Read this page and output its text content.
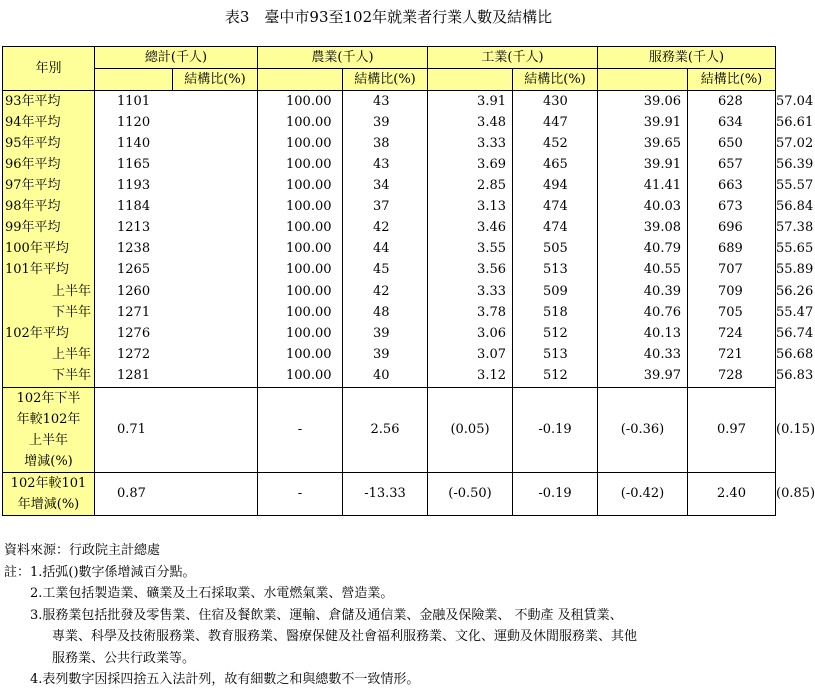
表3　臺中市93至102年就業者行業人數及結構比
年別	總計(千人)		農業(千人)		工業(千人)		服務業(千人)		
		結構比(%)		結構比(%)		結構比(%)		結構比(%)	
93年平均	1101		100.00	43	3.91	430	39.06	628	57.04
94年平均	1120		100.00	39	3.48	447	39.91	634	56.61
95年平均	1140		100.00	38	3.33	452	39.65	650	57.02
96年平均	1165		100.00	43	3.69	465	39.91	657	56.39
97年平均	1193		100.00	34	2.85	494	41.41	663	55.57
98年平均	1184		100.00	37	3.13	474	40.03	673	56.84
99年平均	1213		100.00	42	3.46	474	39.08	696	57.38
100年平均	1238		100.00	44	3.55	505	40.79	689	55.65
101年平均	1265		100.00	45	3.56	513	40.55	707	55.89
上半年	1260		100.00	42	3.33	509	40.39	709	56.26
下半年	1271		100.00	48	3.78	518	40.76	705	55.47
102年平均	1276		100.00	39	3.06	512	40.13	724	56.74
上半年	1272		100.00	39	3.07	513	40.33	721	56.68
下半年	1281		100.00	40	3.12	512	39.97	728	56.83

102年下半
年較102年
上半年
增減(%)	0.71		-	2.56	(0.05)	-0.19	(-0.36)	0.97	(0.15)

102年較101
年增減(%)	0.87		-	-13.33	(-0.50)	-0.19	(-0.42)	2.40	(0.85)
資料來源：行政院主計總處
註：1.括弧()數字係增減百分點。
2.工業包括製造業、礦業及土石採取業、水電燃氣業、營造業。
3.服務業包括批發及零售業、住宿及餐飲業、運輸、倉儲及通信業、金融及保險業、 不動產 及租賃業、
專業、科學及技術服務業、教育服務業、醫療保健及社會福利服務業、文化、運動及休閒服務業、其他
服務業、公共行政業等。
4.表列數字因採四捨五入法計列，故有細數之和與總數不一致情形。
